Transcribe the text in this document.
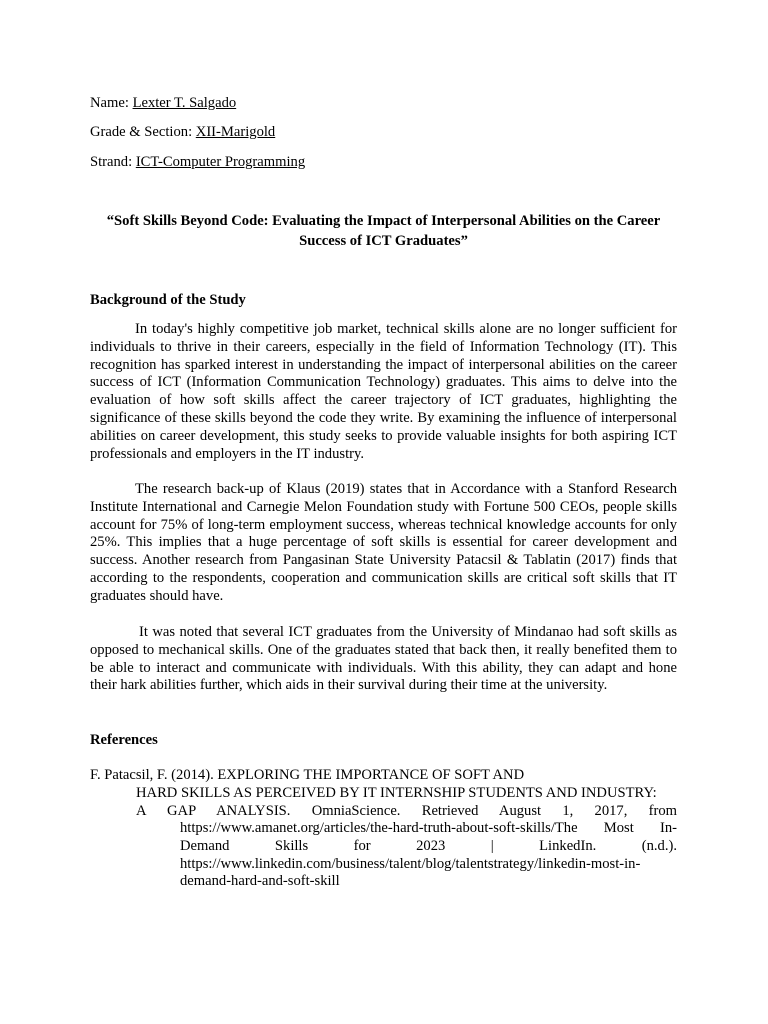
Name: Lexter T. Salgado
Grade & Section: XII-Marigold
Strand: ICT-Computer Programming
“Soft Skills Beyond Code: Evaluating the Impact of Interpersonal Abilities on the Career Success of ICT Graduates”
Background of the Study

In today's highly competitive job market, technical skills alone are no longer sufficient for individuals to thrive in their careers, especially in the field of Information Technology (IT). This recognition has sparked interest in understanding the impact of interpersonal abilities on the career success of ICT (Information Communication Technology) graduates. This aims to delve into the evaluation of how soft skills affect the career trajectory of ICT graduates, highlighting the significance of these skills beyond the code they write. By examining the influence of interpersonal abilities on career development, this study seeks to provide valuable insights for both aspiring ICT professionals and employers in the IT industry.

The research back-up of Klaus (2019) states that in Accordance with a Stanford Research Institute International and Carnegie Melon Foundation study with Fortune 500 CEOs, people skills account for 75% of long-term employment success, whereas technical knowledge accounts for only 25%. This implies that a huge percentage of soft skills is essential for career development and success. Another research from Pangasinan State University Patacsil & Tablatin (2017) finds that according to the respondents, cooperation and communication skills are critical soft skills that IT graduates should have.

It was noted that several ICT graduates from the University of Mindanao had soft skills as opposed to mechanical skills. One of the graduates stated that back then, it really benefited them to be able to interact and communicate with individuals. With this ability, they can adapt and hone their hark abilities further, which aids in their survival during their time at the university.

References
F. Patacsil, F. (2014). EXPLORING THE IMPORTANCE OF SOFT AND
HARD SKILLS AS PERCEIVED BY IT INTERNSHIP STUDENTS AND INDUSTRY:
A GAP ANALYSIS. OmniaScience. Retrieved August 1, 2017, from
https://www.amanet.org/articles/the-hard-truth-about-soft-skills/The Most In-Demand Skills for 2023 | LinkedIn. (n.d.). https://www.linkedin.com/business/talent/blog/talentstrategy/linkedin-most-in-
demand-hard-and-soft-skill
